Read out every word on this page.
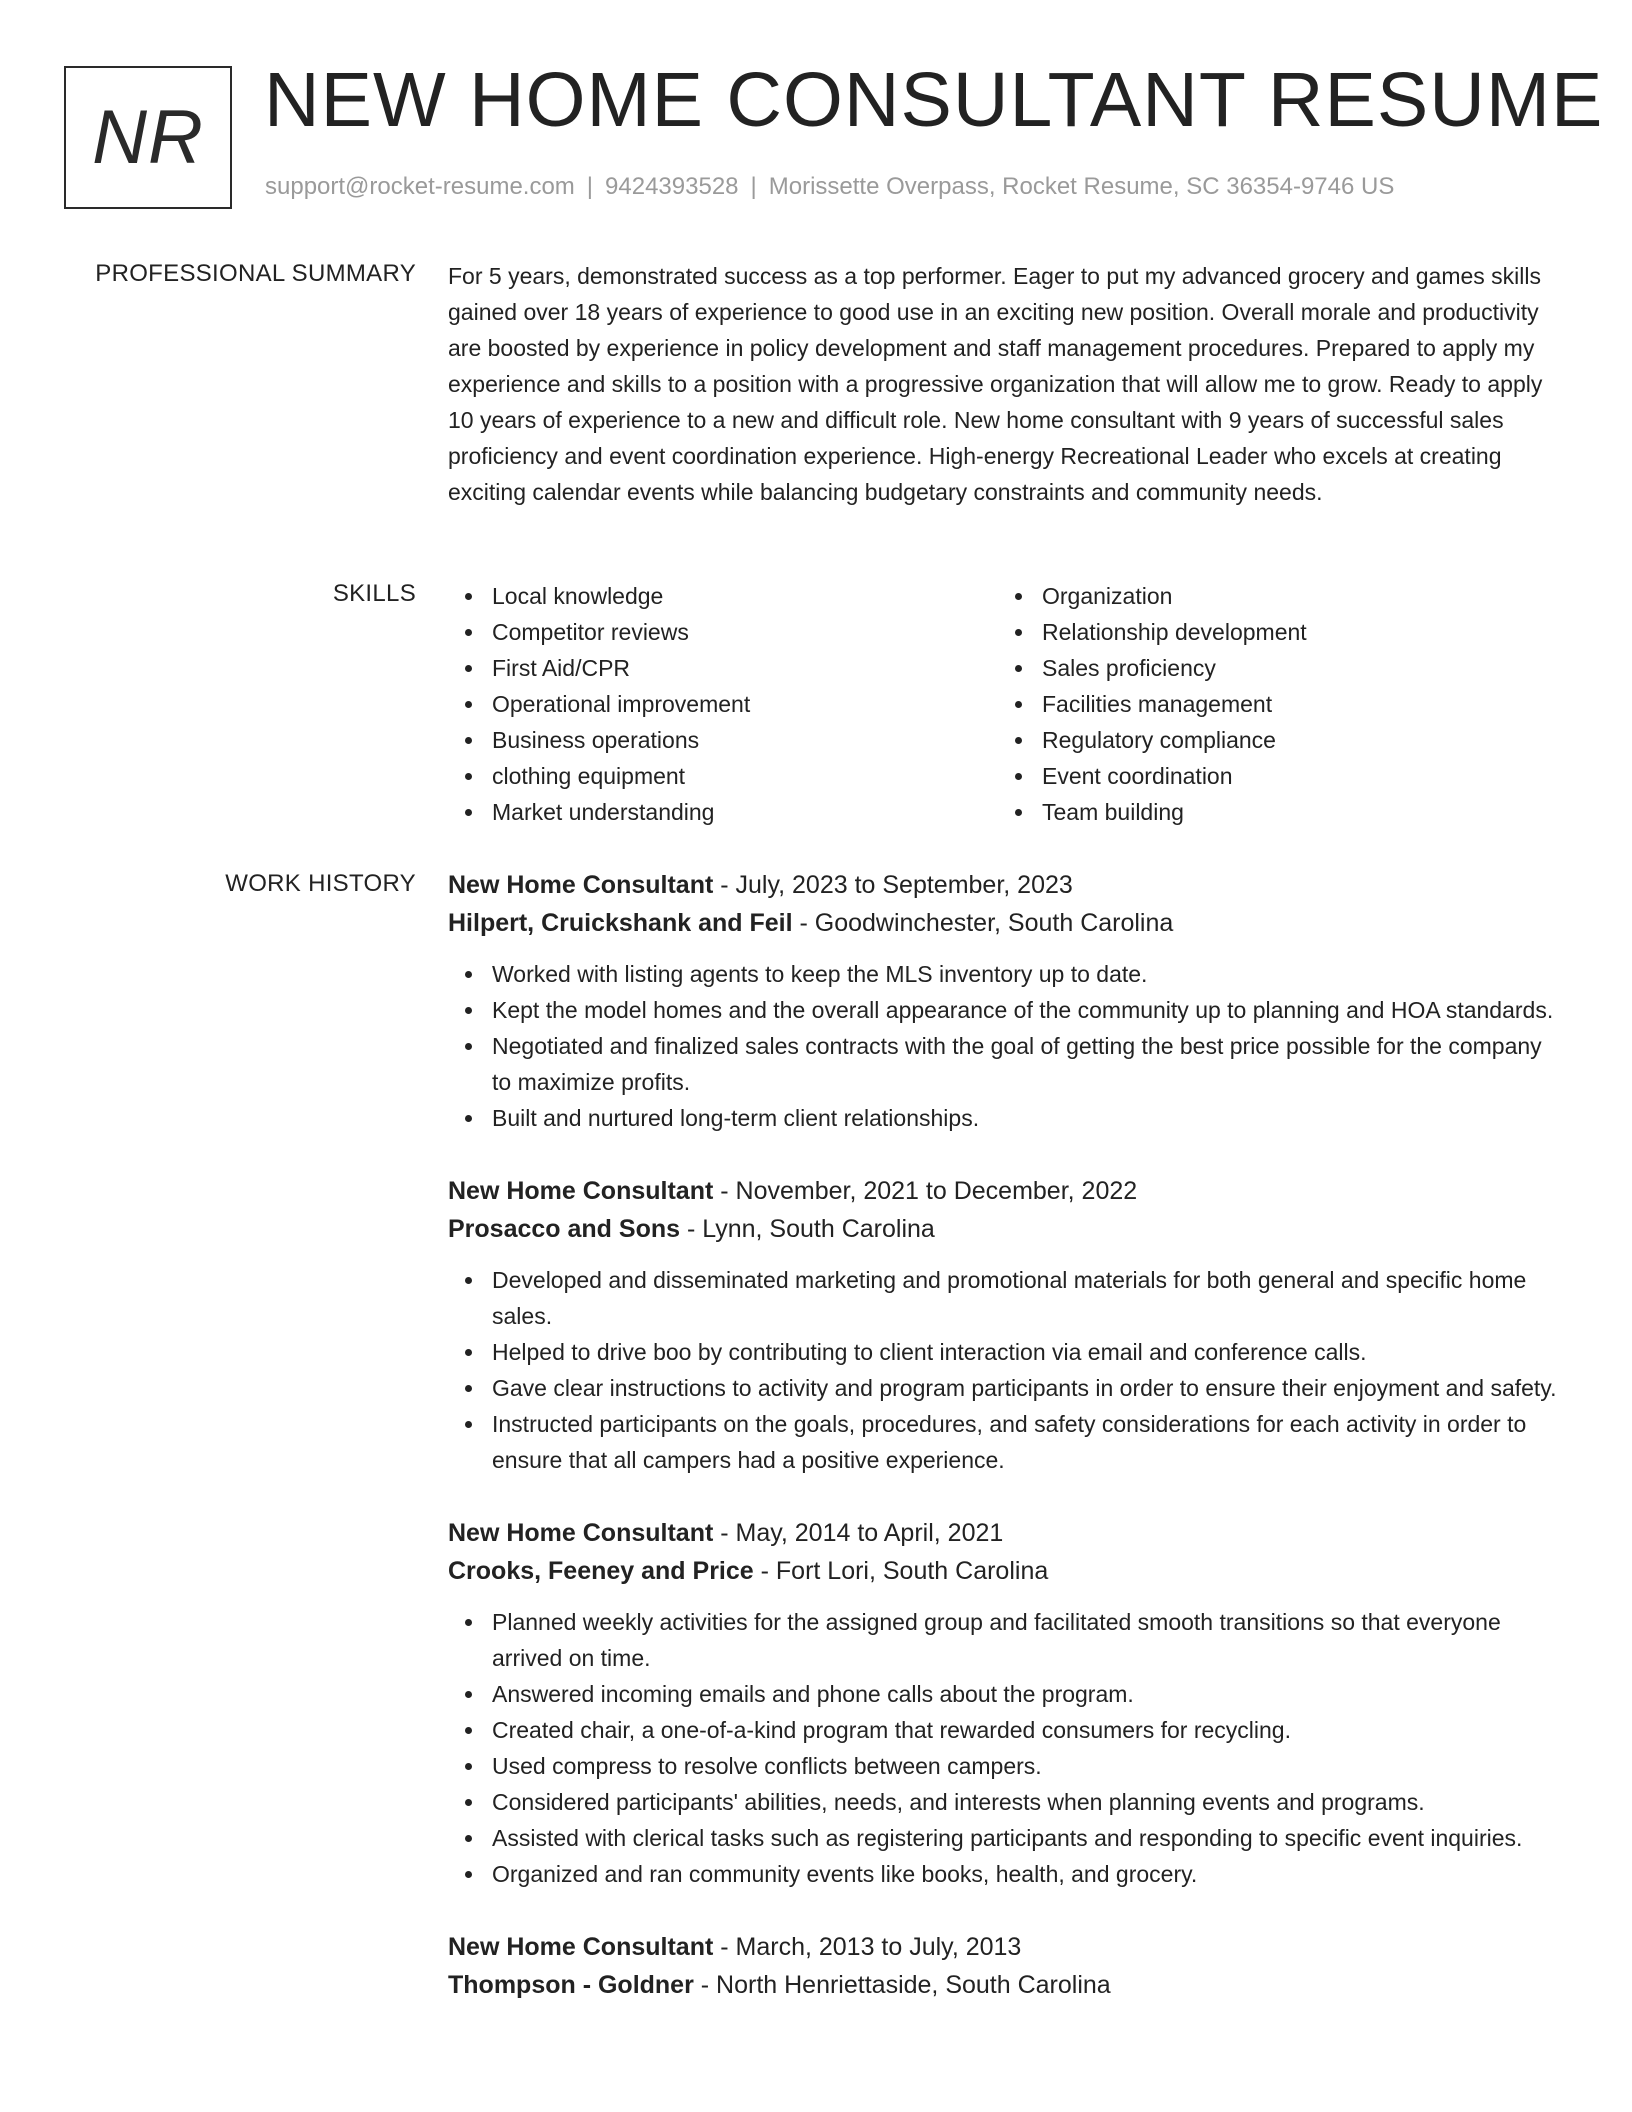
NR NEW HOME CONSULTANT RESUME
support@rocket-resume.com | 9424393528 | Morissette Overpass, Rocket Resume, SC 36354-9746 US
PROFESSIONAL SUMMARY For 5 years, demonstrated success as a top performer. Eager to put my advanced grocery and games skills gained over 18 years of experience to good use in an exciting new position. Overall morale and productivity are boosted by experience in policy development and staff management procedures. Prepared to apply my experience and skills to a position with a progressive organization that will allow me to grow. Ready to apply 10 years of experience to a new and difficult role. New home consultant with 9 years of successful sales proficiency and event coordination experience. High-energy Recreational Leader who excels at creating exciting calendar events while balancing budgetary constraints and community needs.

SKILLS	Local knowledge
Competitor reviews
First Aid/CPR
Operational improvement
Business operations
clothing equipment
Market understanding
Organization
Relationship development
Sales proficiency
Facilities management
Regulatory compliance
Event coordination
Team building
WORK HISTORY New Home Consultant - July, 2023 to September, 2023
Hilpert, Cruickshank and Feil - Goodwinchester, South Carolina
Worked with listing agents to keep the MLS inventory up to date.
Kept the model homes and the overall appearance of the community up to planning and HOA standards.
Negotiated and finalized sales contracts with the goal of getting the best price possible for the company to maximize profits.
Built and nurtured long-term client relationships.
New Home Consultant - November, 2021 to December, 2022
Prosacco and Sons - Lynn, South Carolina
Developed and disseminated marketing and promotional materials for both general and specific home sales.
Helped to drive boo by contributing to client interaction via email and conference calls.
Gave clear instructions to activity and program participants in order to ensure their enjoyment and safety.
Instructed participants on the goals, procedures, and safety considerations for each activity in order to ensure that all campers had a positive experience.
New Home Consultant - May, 2014 to April, 2021
Crooks, Feeney and Price - Fort Lori, South Carolina
Planned weekly activities for the assigned group and facilitated smooth transitions so that everyone arrived on time.
Answered incoming emails and phone calls about the program.
Created chair, a one-of-a-kind program that rewarded consumers for recycling.
Used compress to resolve conflicts between campers.
Considered participants' abilities, needs, and interests when planning events and programs.
Assisted with clerical tasks such as registering participants and responding to specific event inquiries.
Organized and ran community events like books, health, and grocery.
New Home Consultant - March, 2013 to July, 2013
Thompson - Goldner - North Henriettaside, South Carolina
